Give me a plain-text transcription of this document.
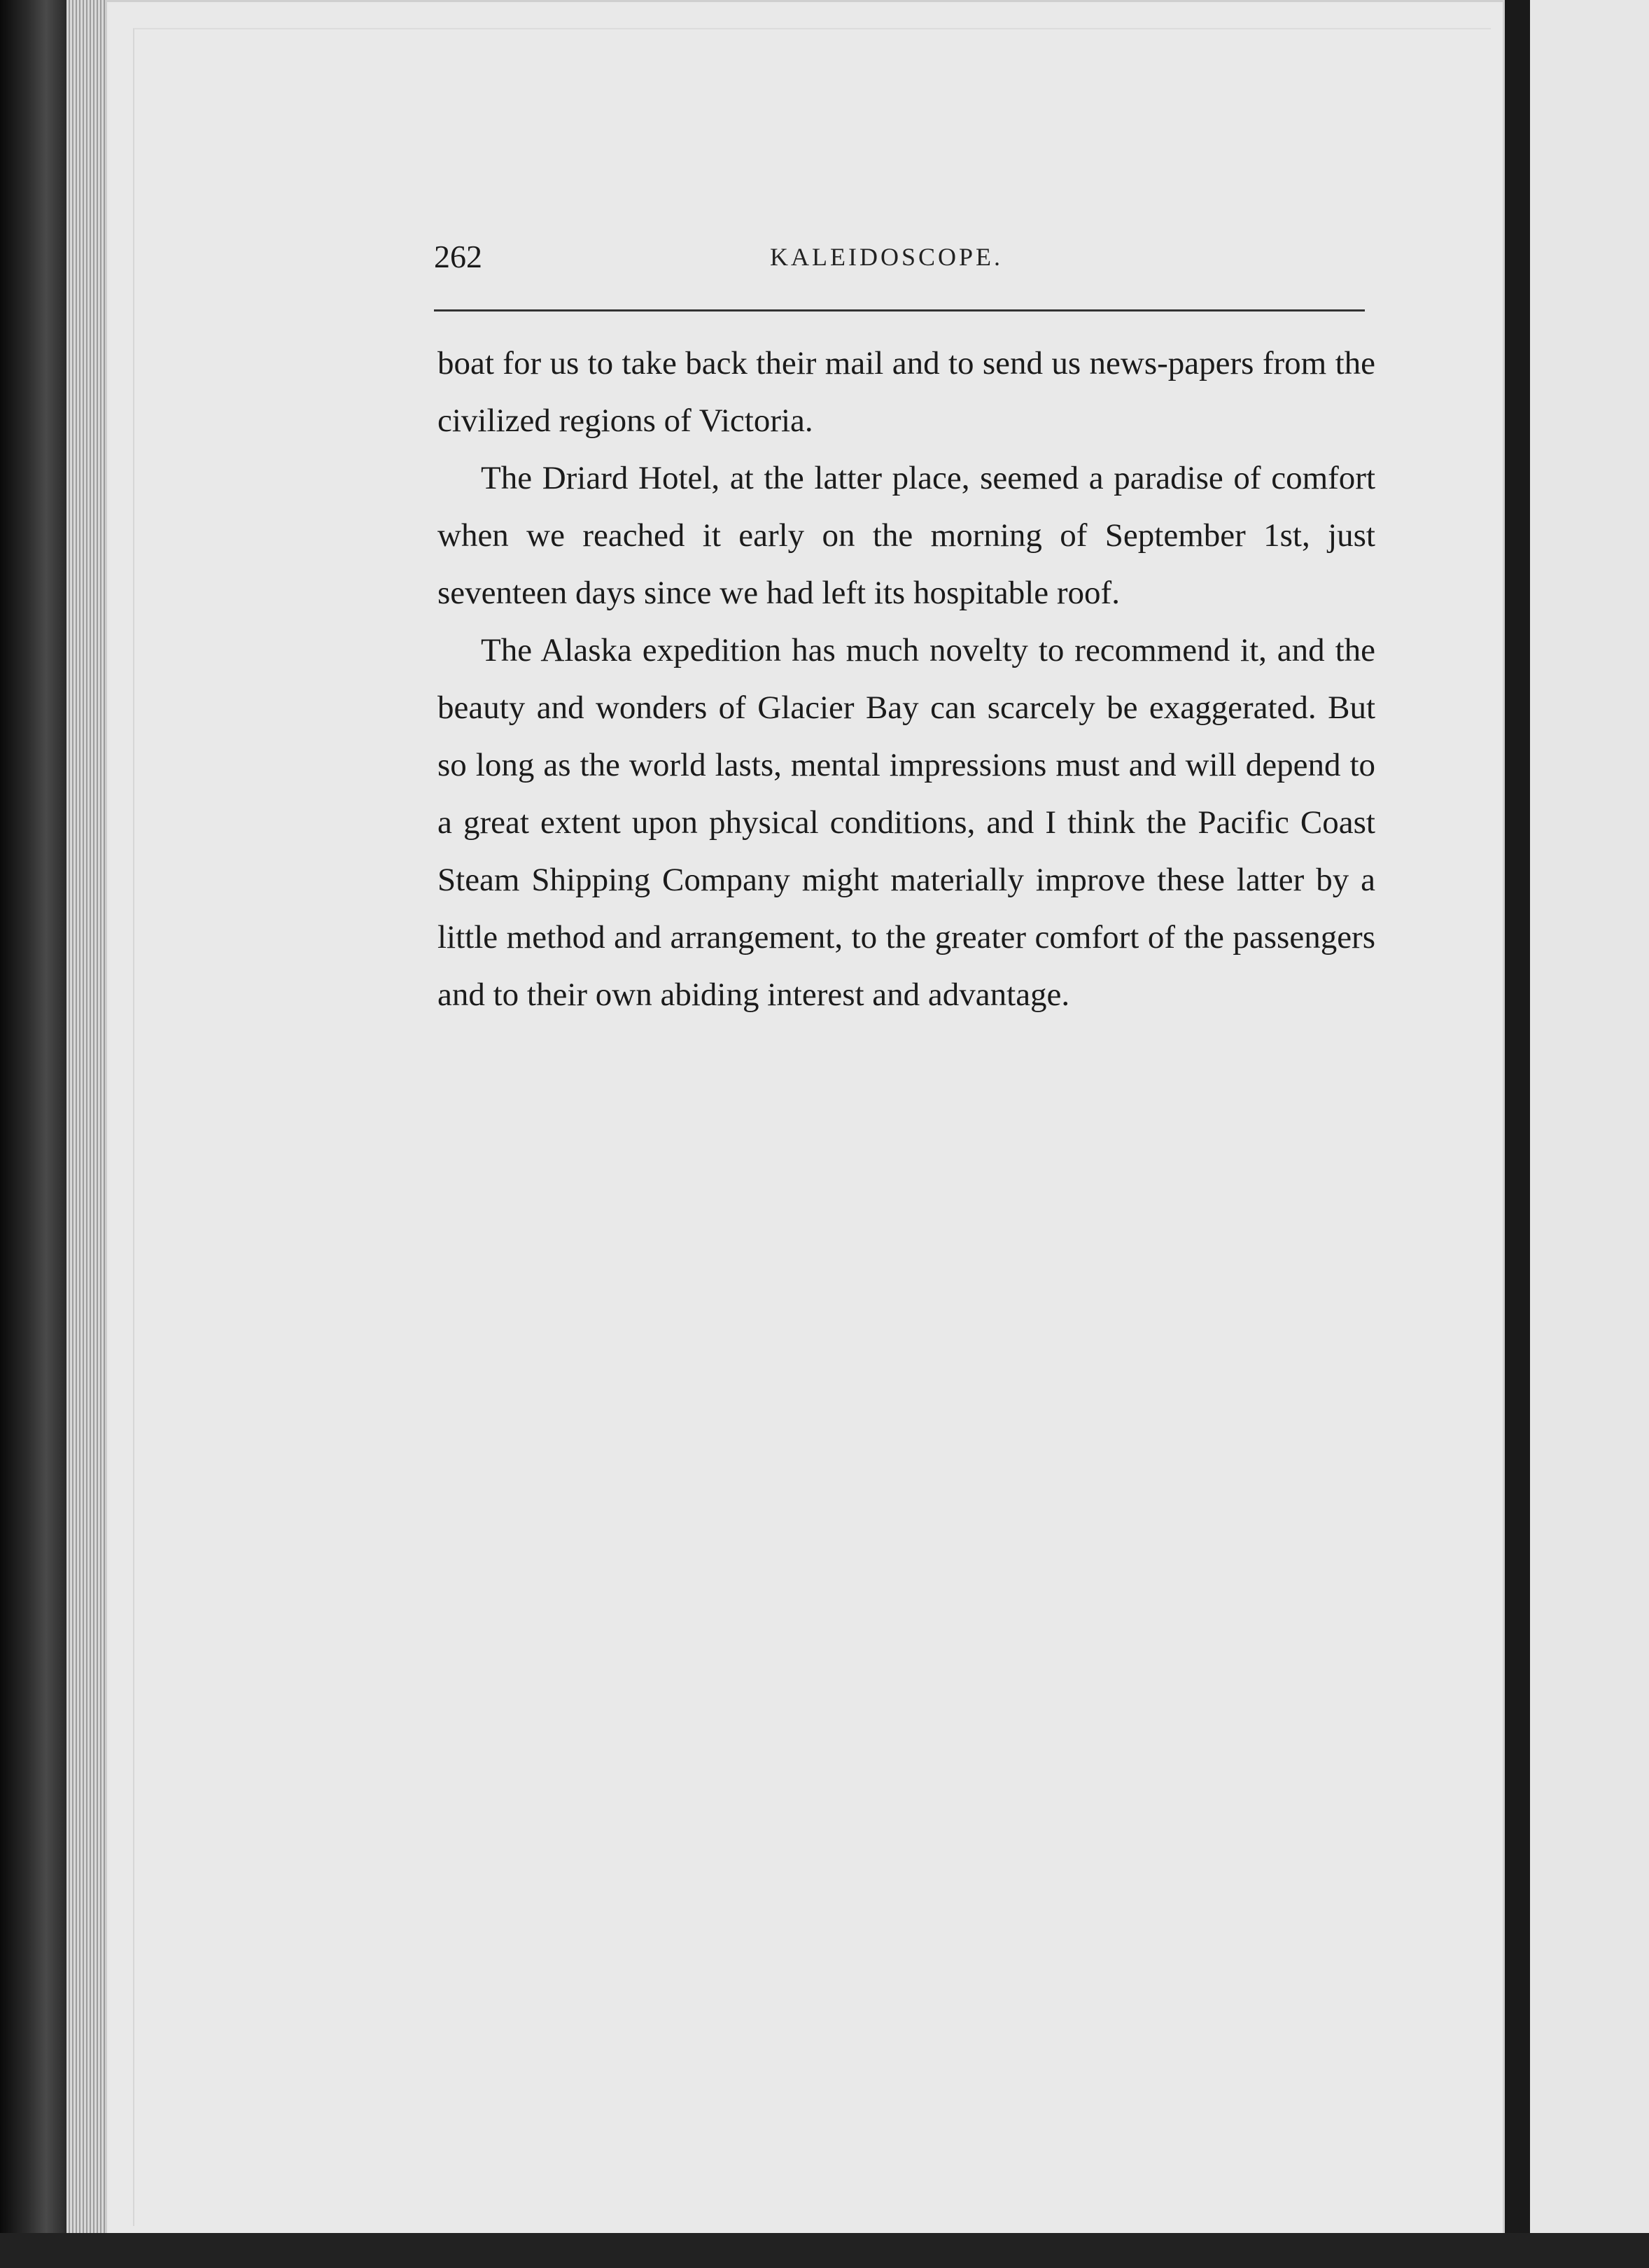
262	KALEIDOSCOPE.

boat for us to take back their mail and to send us news-papers from the civilized regions of Victoria.

The Driard Hotel, at the latter place, seemed a paradise of comfort when we reached it early on the morning of September 1st, just seventeen days since we had left its hospitable roof.

The Alaska expedition has much novelty to recommend it, and the beauty and wonders of Glacier Bay can scarcely be exaggerated. But so long as the world lasts, mental impressions must and will depend to a great extent upon physical conditions, and I think the Pacific Coast Steam Shipping Company might materially improve these latter by a little method and arrangement, to the greater comfort of the passengers and to their own abiding interest and advantage.
